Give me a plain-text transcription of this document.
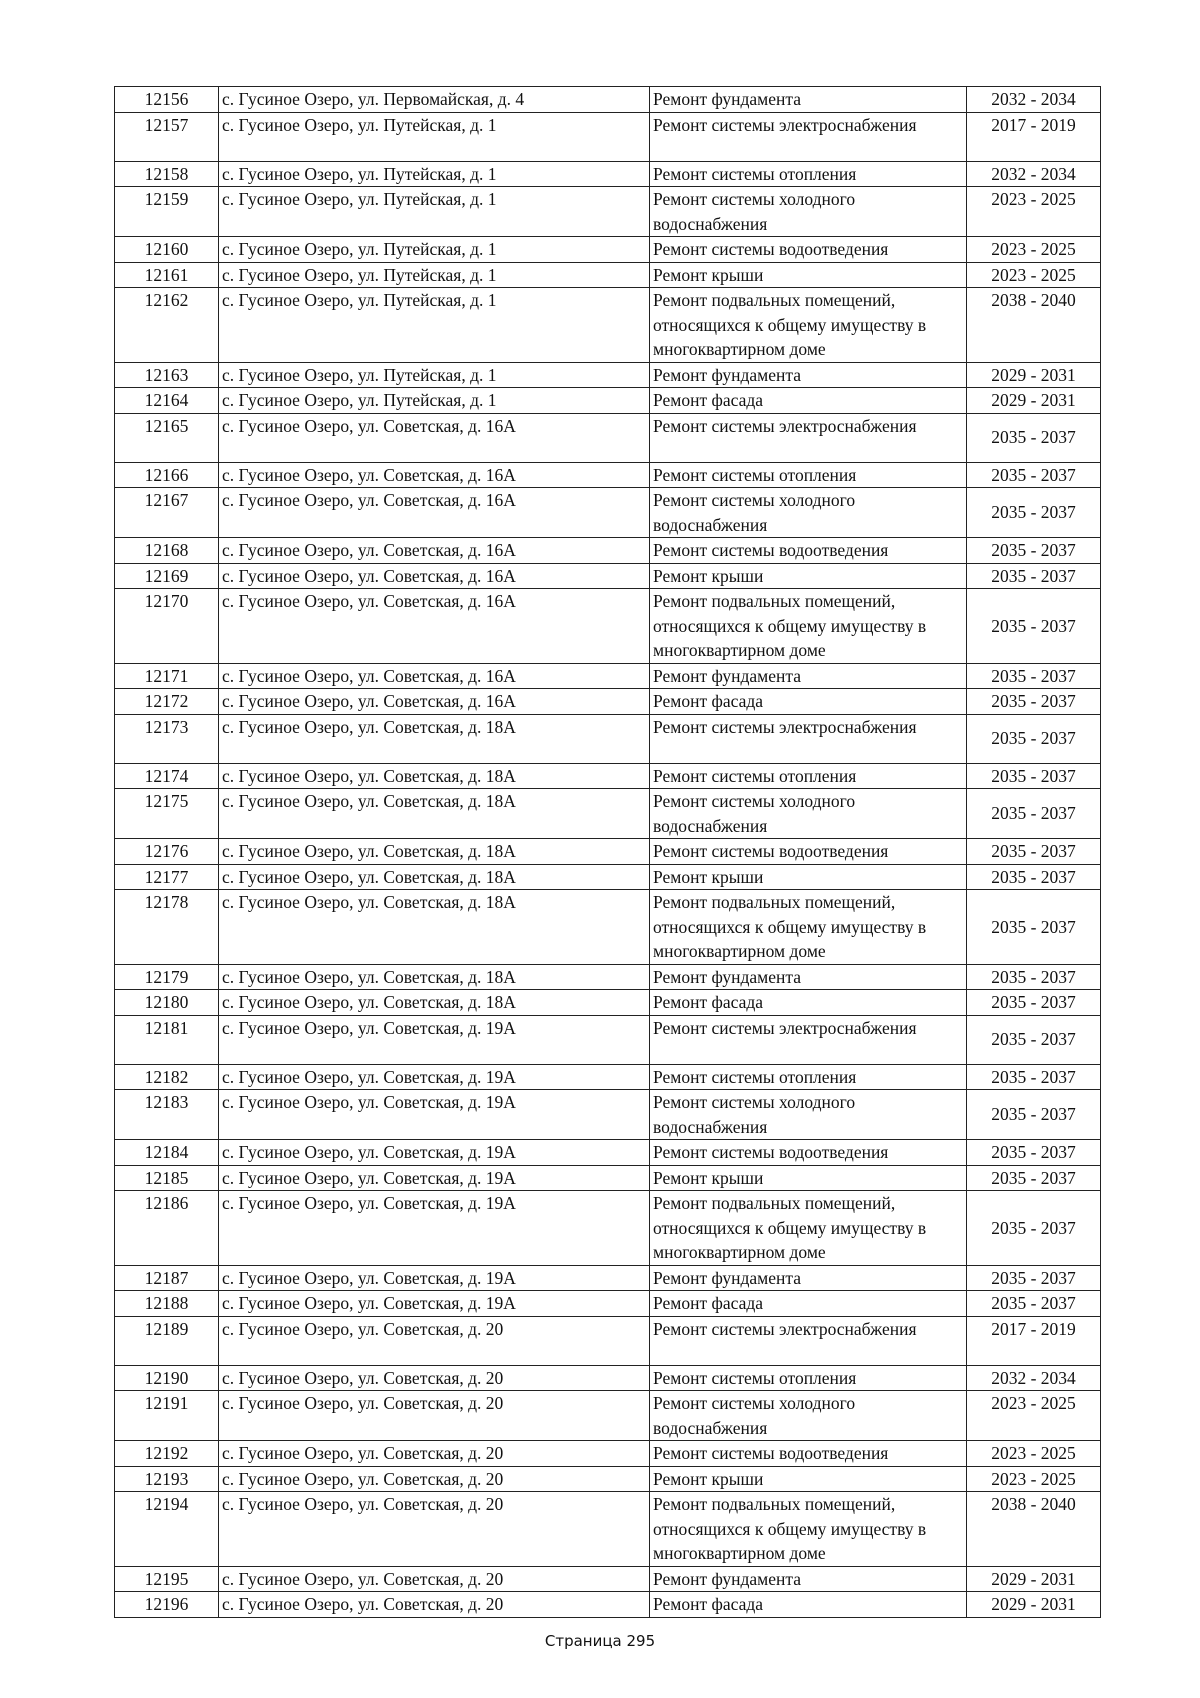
12156	с. Гусиное Озеро, ул. Первомайская, д. 4	Ремонт фундамента	2032 - 2034
12157	с. Гусиное Озеро, ул. Путейская, д. 1	Ремонт системы электроснабжения	2017 - 2019
12158	с. Гусиное Озеро, ул. Путейская, д. 1	Ремонт системы отопления	2032 - 2034
12159	с. Гусиное Озеро, ул. Путейская, д. 1	Ремонт системы холодного водоснабжения	2023 - 2025
12160	с. Гусиное Озеро, ул. Путейская, д. 1	Ремонт системы водоотведения	2023 - 2025
12161	с. Гусиное Озеро, ул. Путейская, д. 1	Ремонт крыши	2023 - 2025
12162	с. Гусиное Озеро, ул. Путейская, д. 1	Ремонт подвальных помещений, относящихся к общему имуществу в многоквартирном доме	2038 - 2040
12163	с. Гусиное Озеро, ул. Путейская, д. 1	Ремонт фундамента	2029 - 2031
12164	с. Гусиное Озеро, ул. Путейская, д. 1	Ремонт фасада	2029 - 2031
12165	с. Гусиное Озеро, ул. Советская, д. 16А	Ремонт системы электроснабжения	2035 - 2037
12166	с. Гусиное Озеро, ул. Советская, д. 16А	Ремонт системы отопления	2035 - 2037
12167	с. Гусиное Озеро, ул. Советская, д. 16А	Ремонт системы холодного водоснабжения	2035 - 2037
12168	с. Гусиное Озеро, ул. Советская, д. 16А	Ремонт системы водоотведения	2035 - 2037
12169	с. Гусиное Озеро, ул. Советская, д. 16А	Ремонт крыши	2035 - 2037
12170	с. Гусиное Озеро, ул. Советская, д. 16А	Ремонт подвальных помещений, относящихся к общему имуществу в многоквартирном доме	2035 - 2037
12171	с. Гусиное Озеро, ул. Советская, д. 16А	Ремонт фундамента	2035 - 2037
12172	с. Гусиное Озеро, ул. Советская, д. 16А	Ремонт фасада	2035 - 2037
12173	с. Гусиное Озеро, ул. Советская, д. 18А	Ремонт системы электроснабжения	2035 - 2037
12174	с. Гусиное Озеро, ул. Советская, д. 18А	Ремонт системы отопления	2035 - 2037
12175	с. Гусиное Озеро, ул. Советская, д. 18А	Ремонт системы холодного водоснабжения	2035 - 2037
12176	с. Гусиное Озеро, ул. Советская, д. 18А	Ремонт системы водоотведения	2035 - 2037
12177	с. Гусиное Озеро, ул. Советская, д. 18А	Ремонт крыши	2035 - 2037
12178	с. Гусиное Озеро, ул. Советская, д. 18А	Ремонт подвальных помещений, относящихся к общему имуществу в многоквартирном доме	2035 - 2037
12179	с. Гусиное Озеро, ул. Советская, д. 18А	Ремонт фундамента	2035 - 2037
12180	с. Гусиное Озеро, ул. Советская, д. 18А	Ремонт фасада	2035 - 2037
12181	с. Гусиное Озеро, ул. Советская, д. 19А	Ремонт системы электроснабжения	2035 - 2037
12182	с. Гусиное Озеро, ул. Советская, д. 19А	Ремонт системы отопления	2035 - 2037
12183	с. Гусиное Озеро, ул. Советская, д. 19А	Ремонт системы холодного водоснабжения	2035 - 2037
12184	с. Гусиное Озеро, ул. Советская, д. 19А	Ремонт системы водоотведения	2035 - 2037
12185	с. Гусиное Озеро, ул. Советская, д. 19А	Ремонт крыши	2035 - 2037
12186	с. Гусиное Озеро, ул. Советская, д. 19А	Ремонт подвальных помещений, относящихся к общему имуществу в многоквартирном доме	2035 - 2037
12187	с. Гусиное Озеро, ул. Советская, д. 19А	Ремонт фундамента	2035 - 2037
12188	с. Гусиное Озеро, ул. Советская, д. 19А	Ремонт фасада	2035 - 2037
12189	с. Гусиное Озеро, ул. Советская, д. 20	Ремонт системы электроснабжения	2017 - 2019
12190	с. Гусиное Озеро, ул. Советская, д. 20	Ремонт системы отопления	2032 - 2034
12191	с. Гусиное Озеро, ул. Советская, д. 20	Ремонт системы холодного водоснабжения	2023 - 2025
12192	с. Гусиное Озеро, ул. Советская, д. 20	Ремонт системы водоотведения	2023 - 2025
12193	с. Гусиное Озеро, ул. Советская, д. 20	Ремонт крыши	2023 - 2025
12194	с. Гусиное Озеро, ул. Советская, д. 20	Ремонт подвальных помещений, относящихся к общему имуществу в многоквартирном доме	2038 - 2040
12195	с. Гусиное Озеро, ул. Советская, д. 20	Ремонт фундамента	2029 - 2031
12196	с. Гусиное Озеро, ул. Советская, д. 20	Ремонт фасада	2029 - 2031
Страница 295
